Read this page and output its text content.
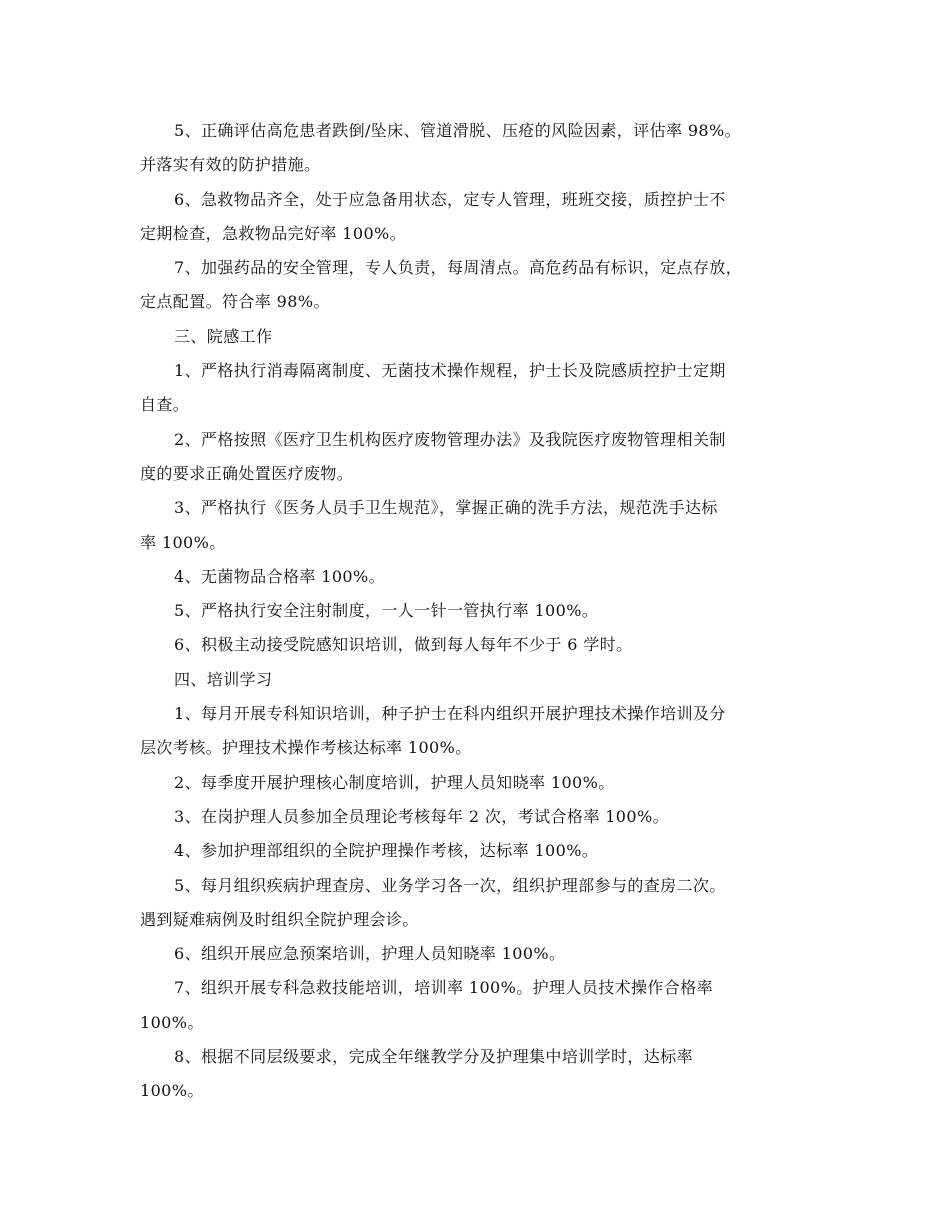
5、正确评估高危患者跌倒/坠床、管道滑脱、压疮的风险因素，评估率 98%。
并落实有效的防护措施。
6、急救物品齐全，处于应急备用状态，定专人管理，班班交接，质控护士不
定期检查，急救物品完好率 100%。
7、加强药品的安全管理，专人负责，每周清点。高危药品有标识，定点存放，
定点配置。符合率 98%。
三、院感工作
1、严格执行消毒隔离制度、无菌技术操作规程，护士长及院感质控护士定期
自查。
2、严格按照《医疗卫生机构医疗废物管理办法》及我院医疗废物管理相关制
度的要求正确处置医疗废物。
3、严格执行《医务人员手卫生规范》，掌握正确的洗手方法，规范洗手达标
率 100%。
4、无菌物品合格率 100%。
5、严格执行安全注射制度，一人一针一管执行率 100%。
6、积极主动接受院感知识培训，做到每人每年不少于 6 学时。
四、培训学习
1、每月开展专科知识培训，种子护士在科内组织开展护理技术操作培训及分
层次考核。护理技术操作考核达标率 100%。
2、每季度开展护理核心制度培训，护理人员知晓率 100%。
3、在岗护理人员参加全员理论考核每年 2 次，考试合格率 100%。
4、参加护理部组织的全院护理操作考核，达标率 100%。
5、每月组织疾病护理查房、业务学习各一次，组织护理部参与的查房二次。
遇到疑难病例及时组织全院护理会诊。
6、组织开展应急预案培训，护理人员知晓率 100%。
7、组织开展专科急救技能培训，培训率 100%。护理人员技术操作合格率
100%。
8、根据不同层级要求，完成全年继教学分及护理集中培训学时，达标率
100%。
